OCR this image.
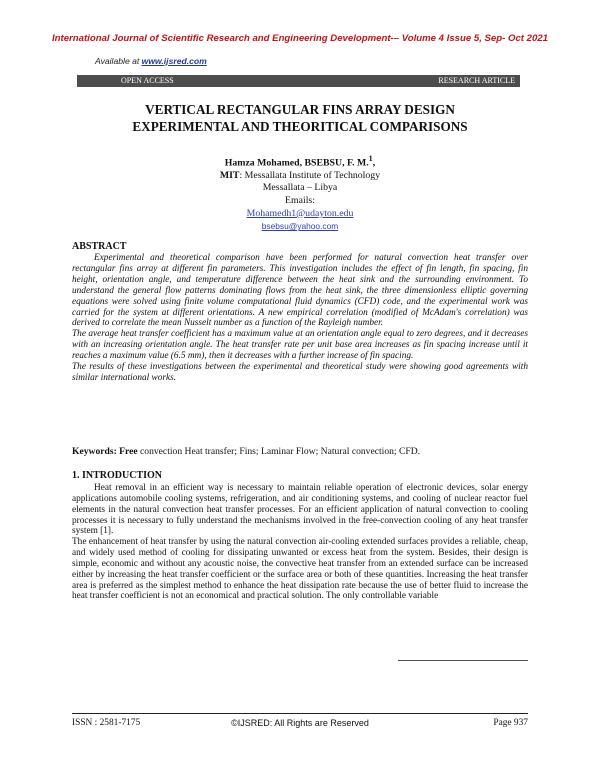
International Journal of Scientific Research and Engineering Development-– Volume 4 Issue 5, Sep- Oct 2021
Available at www.ijsred.com
OPEN ACCESS	RESEARCH ARTICLE
VERTICAL RECTANGULAR FINS ARRAY DESIGN
EXPERIMENTAL AND THEORITICAL COMPARISONS
Hamza Mohamed, BSEBSU, F. M.$^1$,
MIT: Messallata Institute of Technology
Messallata – Libya
Emails:
Mohamedh1@udayton.edu
bsebsu@yahoo.com
ABSTRACT

Experimental and theoretical comparison have been performed for natural convection heat transfer over rectangular fins array at different fin parameters. This investigation includes the effect of fin length, fin spacing, fin height, orientation angle, and temperature difference between the heat sink and the surrounding environment. To understand the general flow patterns dominating flows from the heat sink, the three dimensionless elliptic governing equations were solved using finite volume computational fluid dynamics (CFD) code, and the experimental work was carried for the system at different orientations. A new empirical correlation (modified of McAdam's correlation) was derived to correlate the mean Nusselt number as a function of the Rayleigh number.

The average heat transfer coefficient has a maximum value at an orientation angle equal to zero degrees, and it decreases with an increasing orientation angle. The heat transfer rate per unit base area increases as fin spacing increase until it reaches a maximum value (6.5 mm), then it decreases with a further increase of fin spacing.

The results of these investigations between the experimental and theoretical study were showing good agreements with similar international works.

Keywords: Free convection Heat transfer; Fins; Laminar Flow; Natural convection; CFD.
1. INTRODUCTION

Heat removal in an efficient way is necessary to maintain reliable operation of electronic devices, solar energy applications automobile cooling systems, refrigeration, and air conditioning systems, and cooling of nuclear reactor fuel elements in the natural convection heat transfer processes. For an efficient application of natural convection to cooling processes it is necessary to fully understand the mechanisms involved in the free-convection cooling of any heat transfer system [1].

The enhancement of heat transfer by using the natural convection air-cooling extended surfaces provides a reliable, cheap, and widely used method of cooling for dissipating unwanted or excess heat from the system. Besides, their design is simple, economic and without any acoustic noise, the convective heat transfer from an extended surface can be increased either by increasing the heat transfer coefficient or the surface area or both of these quantities. Increasing the heat transfer area is preferred as the simplest method to enhance the heat dissipation rate because the use of better fluid to increase the heat transfer coefficient is not an economical and practical solution. The only controllable variable

ISSN : 2581-7175	©IJSRED: All Rights are Reserved	Page 937
